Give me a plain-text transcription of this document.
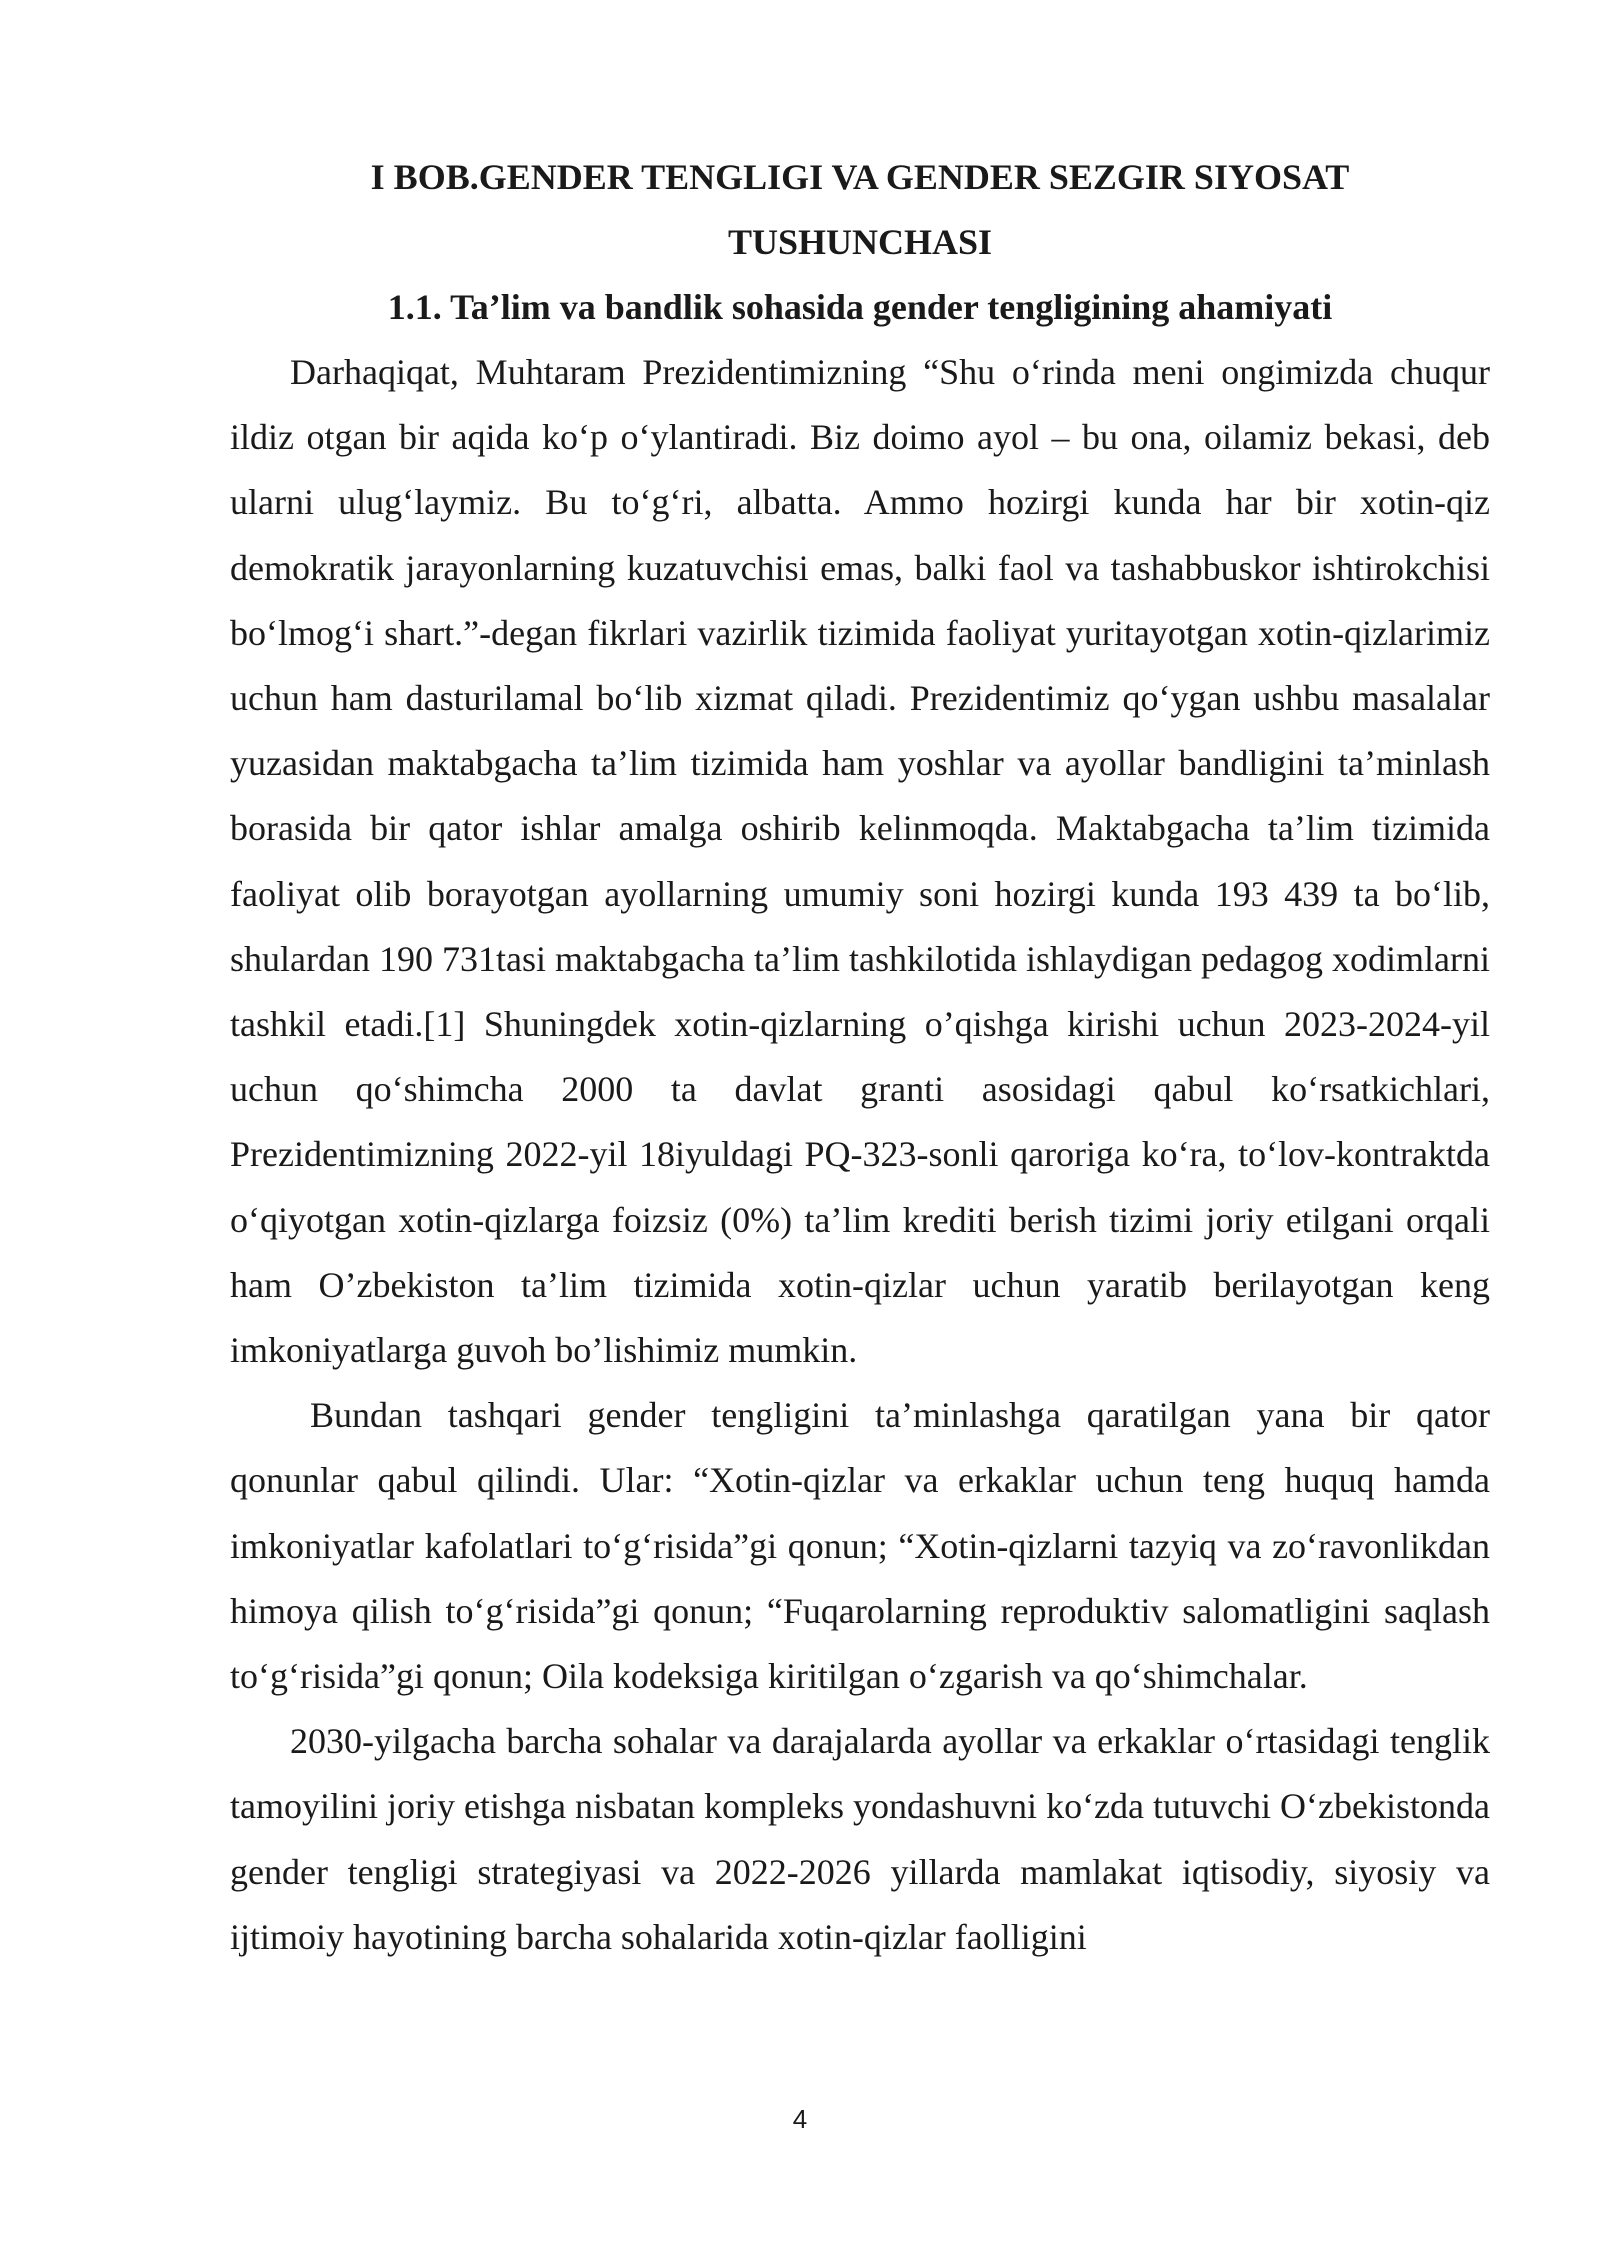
I BOB.GENDER TENGLIGI VA GENDER SEZGIR SIYOSAT
TUSHUNCHASI
1.1. Ta’lim va bandlik sohasida gender tengligining ahamiyati

Darhaqiqat, Muhtaram Prezidentimizning “Shu o‘rinda meni ongimizda chuqur ildiz otgan bir aqida ko‘p o‘ylantiradi. Biz doimo ayol – bu ona, oilamiz bekasi, deb ularni ulug‘laymiz. Bu to‘g‘ri, albatta. Ammo hozirgi kunda har bir xotin-qiz demokratik jarayonlarning kuzatuvchisi emas, balki faol va tashabbuskor ishtirokchisi bo‘lmog‘i shart.”-degan fikrlari vazirlik tizimida faoliyat yuritayotgan xotin-qizlarimiz uchun ham dasturilamal bo‘lib xizmat qiladi. Prezidentimiz qo‘ygan ushbu masalalar yuzasidan maktabgacha ta’lim tizimida ham yoshlar va ayollar bandligini ta’minlash borasida bir qator ishlar amalga oshirib kelinmoqda. Maktabgacha ta’lim tizimida faoliyat olib borayotgan ayollarning umumiy soni hozirgi kunda 193 439 ta bo‘lib, shulardan 190 731tasi maktabgacha ta’lim tashkilotida ishlaydigan pedagog xodimlarni tashkil etadi.[1] Shuningdek xotin-qizlarning o’qishga kirishi uchun 2023-2024-yil uchun qo‘shimcha 2000 ta davlat granti asosidagi qabul ko‘rsatkichlari, Prezidentimizning 2022-yil 18iyuldagi PQ-323-sonli qaroriga ko‘ra, to‘lov-kontraktda o‘qiyotgan xotin-qizlarga foizsiz (0%) ta’lim krediti berish tizimi joriy etilgani orqali ham O’zbekiston ta’lim tizimida xotin-qizlar uchun yaratib berilayotgan keng imkoniyatlarga guvoh bo’lishimiz mumkin.

Bundan tashqari gender tengligini ta’minlashga qaratilgan yana bir qator qonunlar qabul qilindi. Ular: “Xotin-qizlar va erkaklar uchun teng huquq hamda imkoniyatlar kafolatlari to‘g‘risida”gi qonun; “Xotin-qizlarni tazyiq va zo‘ravonlikdan himoya qilish to‘g‘risida”gi qonun; “Fuqarolarning reproduktiv salomatligini saqlash to‘g‘risida”gi qonun; Oila kodeksiga kiritilgan o‘zgarish va qo‘shimchalar.

2030-yilgacha barcha sohalar va darajalarda ayollar va erkaklar o‘rtasidagi tenglik tamoyilini joriy etishga nisbatan kompleks yondashuvni ko‘zda tutuvchi O‘zbekistonda gender tengligi strategiyasi va 2022-2026 yillarda mamlakat iqtisodiy, siyosiy va ijtimoiy hayotining barcha sohalarida xotin-qizlar faolligini

4
